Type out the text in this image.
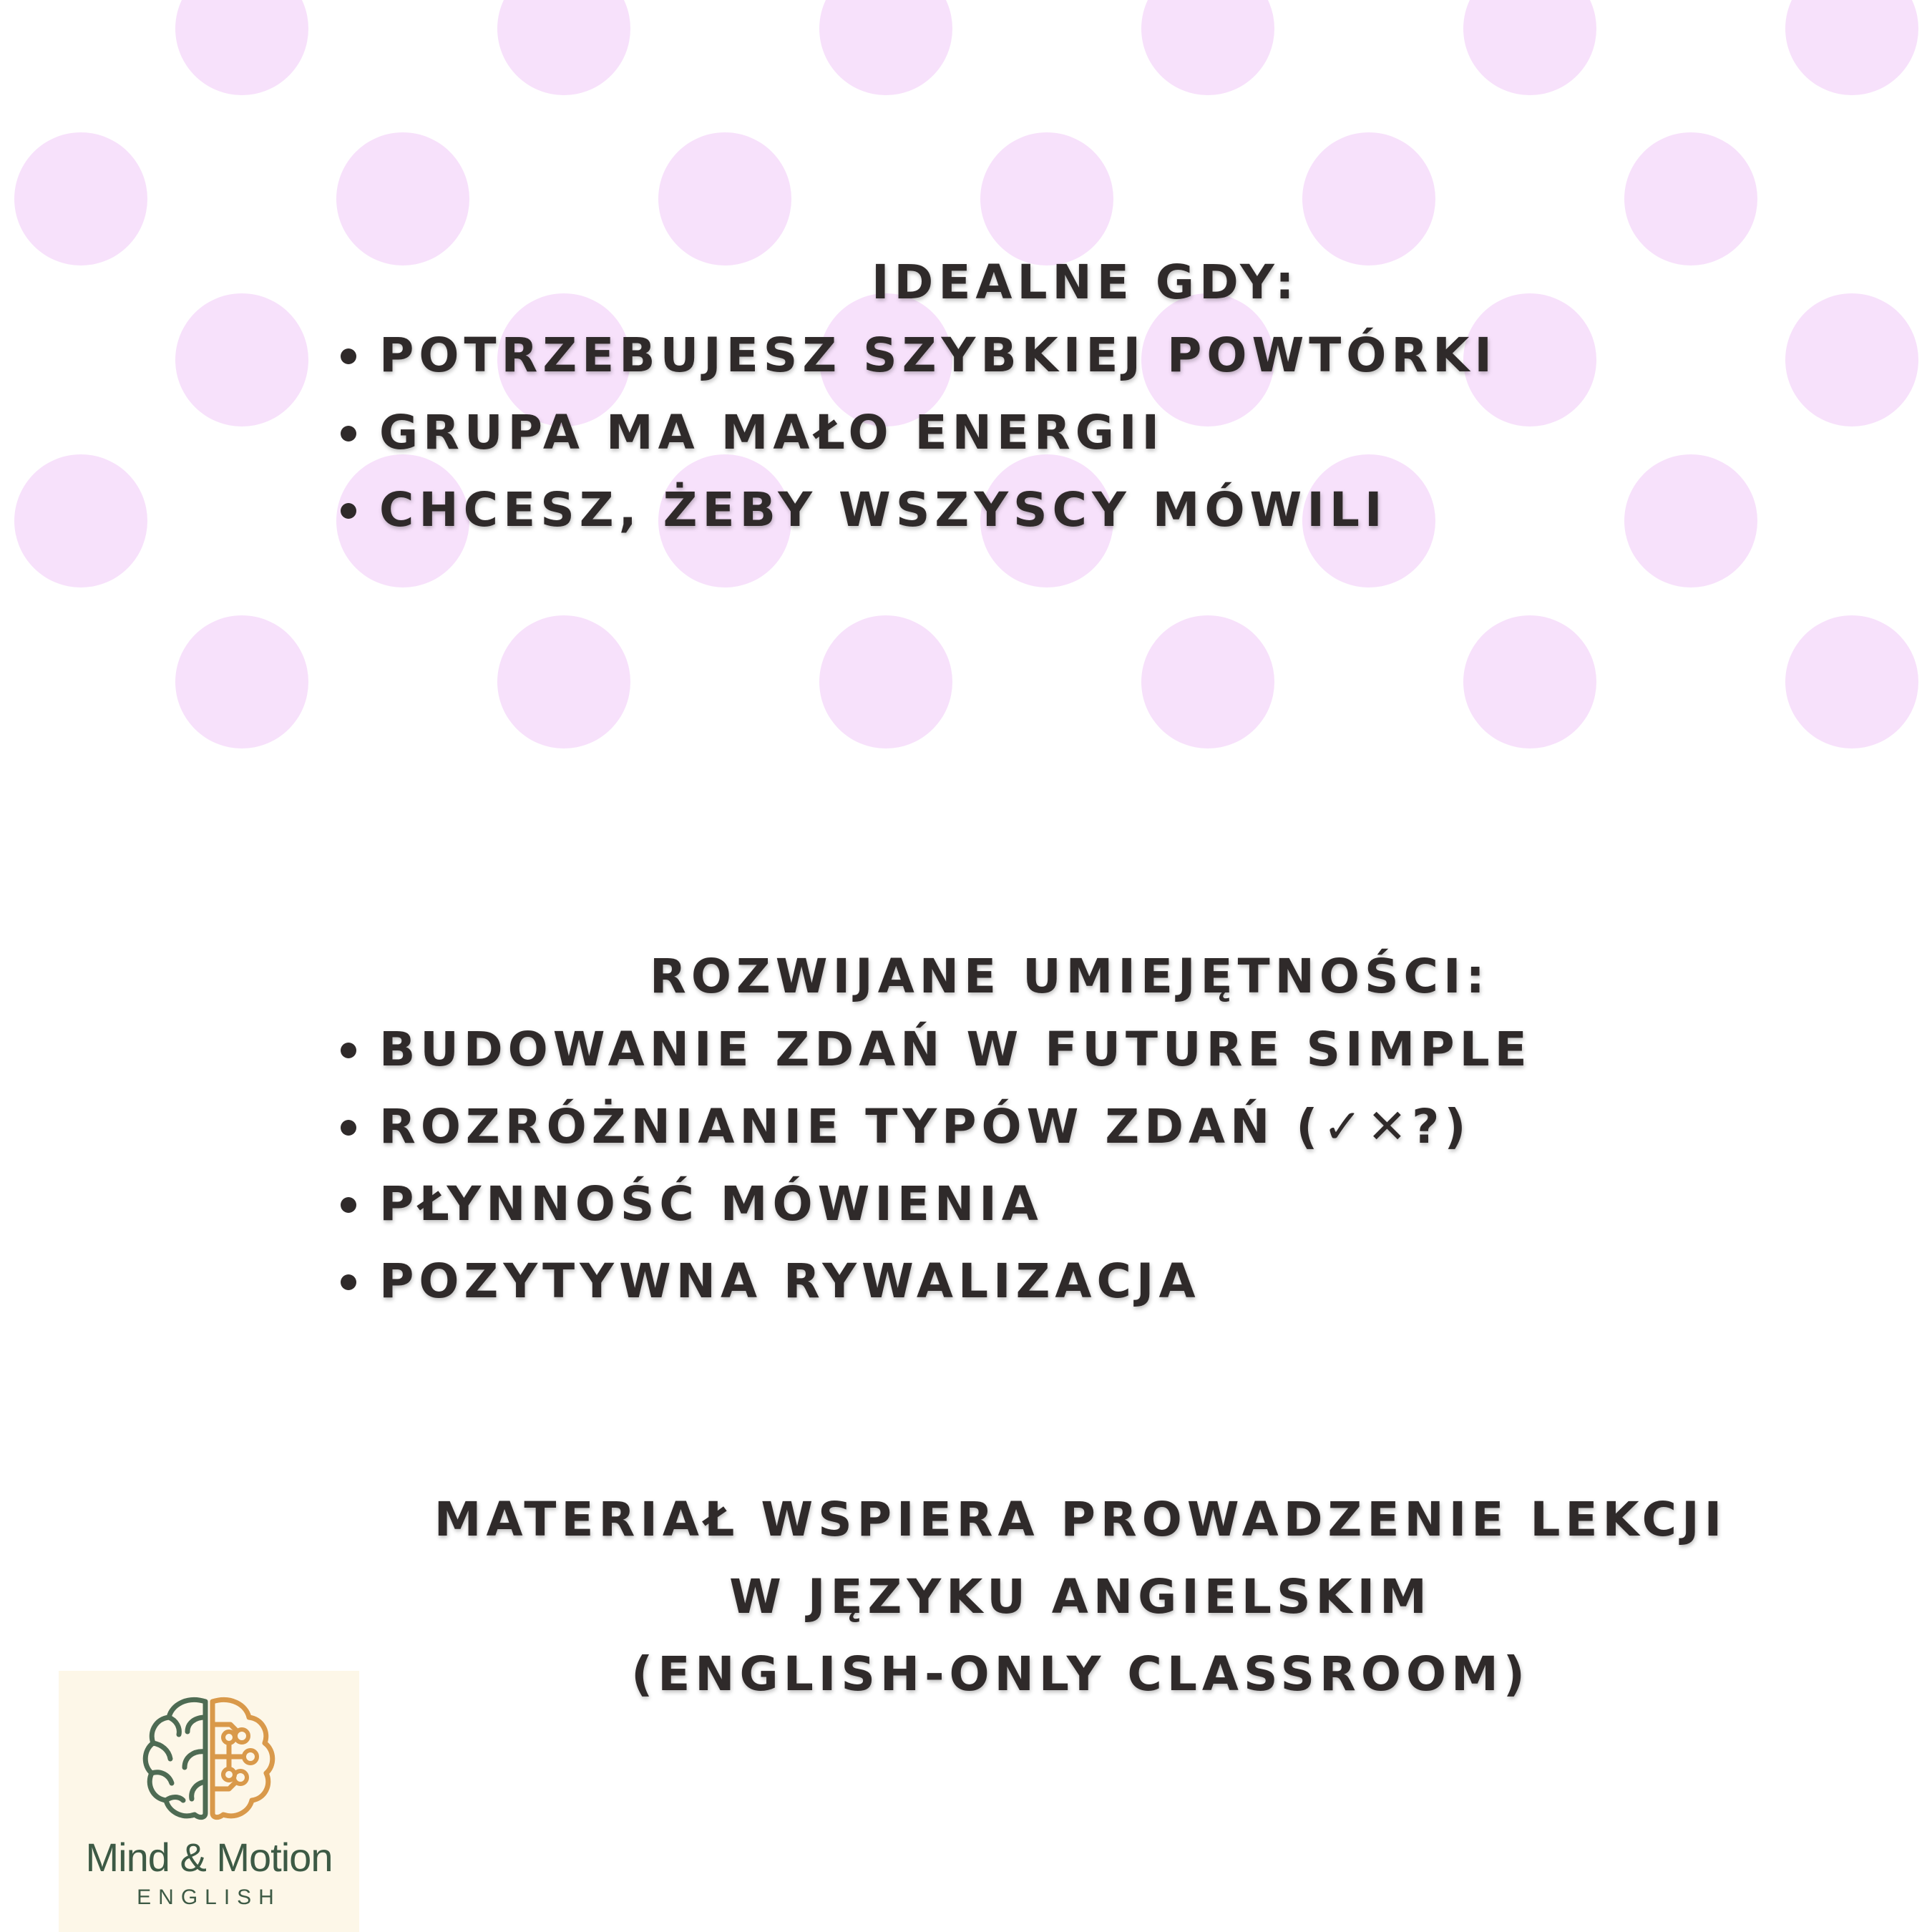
IDEALNE GDY:
POTRZEBUJESZ SZYBKIEJ POWTÓRKI
GRUPA MA MAŁO ENERGII
CHCESZ, ŻEBY WSZYSCY MÓWILI
ROZWIJANE UMIEJĘTNOŚCI:
BUDOWANIE ZDAŃ W FUTURE SIMPLE
ROZRÓŻNIANIE TYPÓW ZDAŃ (✓✕?)
PŁYNNOŚĆ MÓWIENIA
POZYTYWNA RYWALIZACJA
MATERIAŁ WSPIERA PROWADZENIE LEKCJI
W JĘZYKU ANGIELSKIM
(ENGLISH-ONLY CLASSROOM)
Mind & Motion
ENGLISH
